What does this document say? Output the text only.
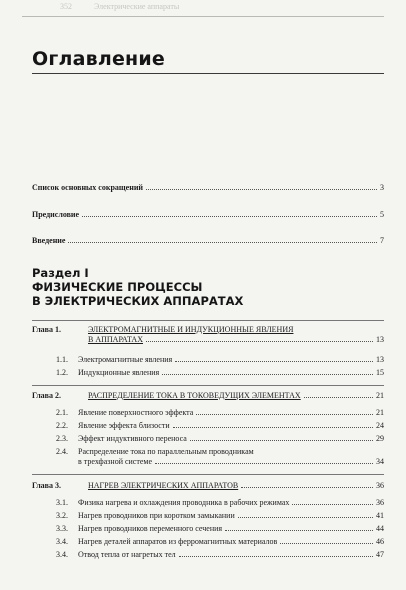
352	Электрические аппараты
Оглавление
Список основных сокращений	3
Предисловие	5
Введение	7
Раздел I
ФИЗИЧЕСКИЕ ПРОЦЕССЫ
В ЭЛЕКТРИЧЕСКИХ АППАРАТАХ
Глава 1.	ЭЛЕКТРОМАГНИТНЫЕ И ИНДУКЦИОННЫЕ ЯВЛЕНИЯ
В АППАРАТАХ	13
1.1. Электромагнитные явления	13
1.2. Индукционные явления	15
Глава 2.	РАСПРЕДЕЛЕНИЕ ТОКА В ТОКОВЕДУЩИХ ЭЛЕМЕНТАХ	21
2.1. Явление поверхностного эффекта	21
2.2. Явление эффекта близости	24
2.3. Эффект индуктивного переноса	29
2.4. Распределение тока по параллельным проводникам
в трехфазной системе	34
Глава 3.	НАГРЕВ ЭЛЕКТРИЧЕСКИХ АППАРАТОВ	36
3.1. Физика нагрева и охлаждения проводника в рабочих режимах	36
3.2. Нагрев проводников при коротком замыкании	41
3.3. Нагрев проводников переменного сечения	44
3.4. Нагрев деталей аппаратов из ферромагнитных материалов	46
3.4. Отвод тепла от нагретых тел	47
